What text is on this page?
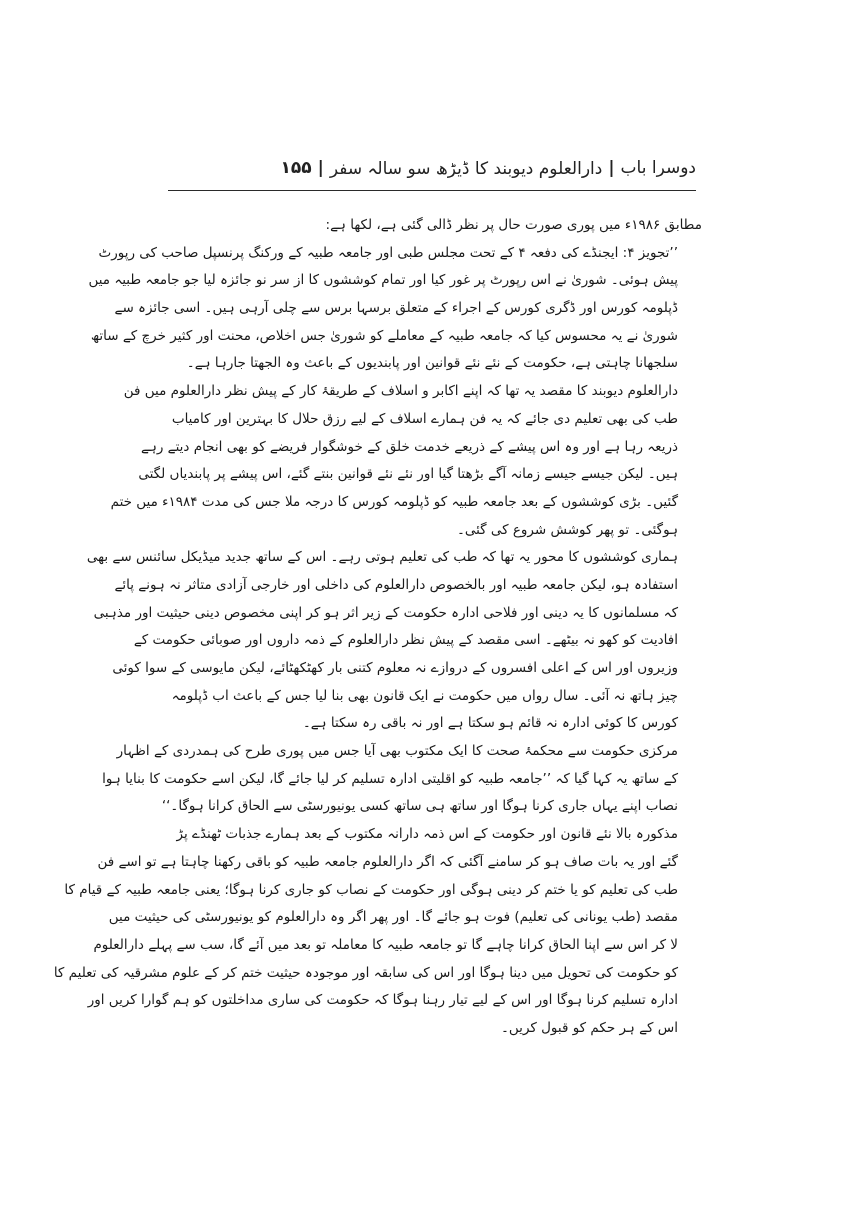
دوسرا باب
|
دارالعلوم دیوبند کا ڈیڑھ سو سالہ سفر
|
۱۵۵
مطابق ۱۹۸۶ء میں پوری صورت حال پر نظر ڈالی گئی ہے، لکھا ہے:
’’تجویز ۴: ایجنڈے کی دفعہ ۴ کے تحت مجلس طبی اور جامعہ طبیہ کے ورکنگ پرنسپل صاحب کی رپورٹ
پیش ہوئی۔ شوریٰ نے اس رپورٹ پر غور کیا اور تمام کوششوں کا از سر نو جائزہ لیا جو جامعہ طبیہ میں
ڈپلومہ کورس اور ڈگری کورس کے اجراء کے متعلق برسہا برس سے چلی آرہی ہیں۔ اسی جائزہ سے
شوریٰ نے یہ محسوس کیا کہ جامعہ طبیہ کے معاملے کو شوریٰ جس اخلاص، محنت اور کثیر خرچ کے ساتھ
سلجھانا چاہتی ہے، حکومت کے نئے نئے قوانین اور پابندیوں کے باعث وہ الجھتا جارہا ہے۔
دارالعلوم دیوبند کا مقصد یہ تھا کہ اپنے اکابر و اسلاف کے طریقۂ کار کے پیش نظر دارالعلوم میں فن
طب کی بھی تعلیم دی جائے کہ یہ فن ہمارے اسلاف کے لیے رزق حلال کا بہترین اور کامیاب
ذریعہ رہا ہے اور وہ اس پیشے کے ذریعے خدمت خلق کے خوشگوار فریضے کو بھی انجام دیتے رہے
ہیں۔ لیکن جیسے جیسے زمانہ آگے بڑھتا گیا اور نئے نئے قوانین بنتے گئے، اس پیشے پر پابندیاں لگتی
گئیں۔ بڑی کوششوں کے بعد جامعہ طبیہ کو ڈپلومہ کورس کا درجہ ملا جس کی مدت ۱۹۸۴ء میں ختم
ہوگئی۔ تو پھر کوشش شروع کی گئی۔
ہماری کوششوں کا محور یہ تھا کہ طب کی تعلیم ہوتی رہے۔ اس کے ساتھ جدید میڈیکل سائنس سے بھی
استفادہ ہو، لیکن جامعہ طبیہ اور بالخصوص دارالعلوم کی داخلی اور خارجی آزادی متاثر نہ ہونے پائے
کہ مسلمانوں کا یہ دینی اور فلاحی ادارہ حکومت کے زیر اثر ہو کر اپنی مخصوص دینی حیثیت اور مذہبی
افادیت کو کھو نہ بیٹھے۔ اسی مقصد کے پیش نظر دارالعلوم کے ذمہ داروں اور صوبائی حکومت کے
وزیروں اور اس کے اعلی افسروں کے دروازے نہ معلوم کتنی بار کھٹکھٹائے، لیکن مایوسی کے سوا کوئی
چیز ہاتھ نہ آئی۔ سال رواں میں حکومت نے ایک قانون بھی بنا لیا جس کے باعث اب ڈپلومہ
کورس کا کوئی ادارہ نہ قائم ہو سکتا ہے اور نہ باقی رہ سکتا ہے۔
مرکزی حکومت سے محکمۂ صحت کا ایک مکتوب بھی آیا جس میں پوری طرح کی ہمدردی کے اظہار
کے ساتھ یہ کہا گیا کہ ’’جامعہ طبیہ کو اقلیتی ادارہ تسلیم کر لیا جائے گا، لیکن اسے حکومت کا بنایا ہوا
نصاب اپنے یہاں جاری کرنا ہوگا اور ساتھ ہی ساتھ کسی یونیورسٹی سے الحاق کرانا ہوگا۔‘‘
مذکورہ بالا نئے قانون اور حکومت کے اس ذمہ دارانہ مکتوب کے بعد ہمارے جذبات ٹھنڈے پڑ
گئے اور یہ بات صاف ہو کر سامنے آگئی کہ اگر دارالعلوم جامعہ طبیہ کو باقی رکھنا چاہتا ہے تو اسے فن
طب کی تعلیم کو یا ختم کر دینی ہوگی اور حکومت کے نصاب کو جاری کرنا ہوگا؛ یعنی جامعہ طبیہ کے قیام کا
مقصد (طب یونانی کی تعلیم) فوت ہو جائے گا۔ اور پھر اگر وہ دارالعلوم کو یونیورسٹی کی حیثیت میں
لا کر اس سے اپنا الحاق کرانا چاہے گا تو جامعہ طبیہ کا معاملہ تو بعد میں آئے گا، سب سے پہلے دارالعلوم
کو حکومت کی تحویل میں دینا ہوگا اور اس کی سابقہ اور موجودہ حیثیت ختم کر کے علوم مشرقیہ کی تعلیم کا
ادارہ تسلیم کرنا ہوگا اور اس کے لیے تیار رہنا ہوگا کہ حکومت کی ساری مداخلتوں کو ہم گوارا کریں اور
اس کے ہر حکم کو قبول کریں۔
